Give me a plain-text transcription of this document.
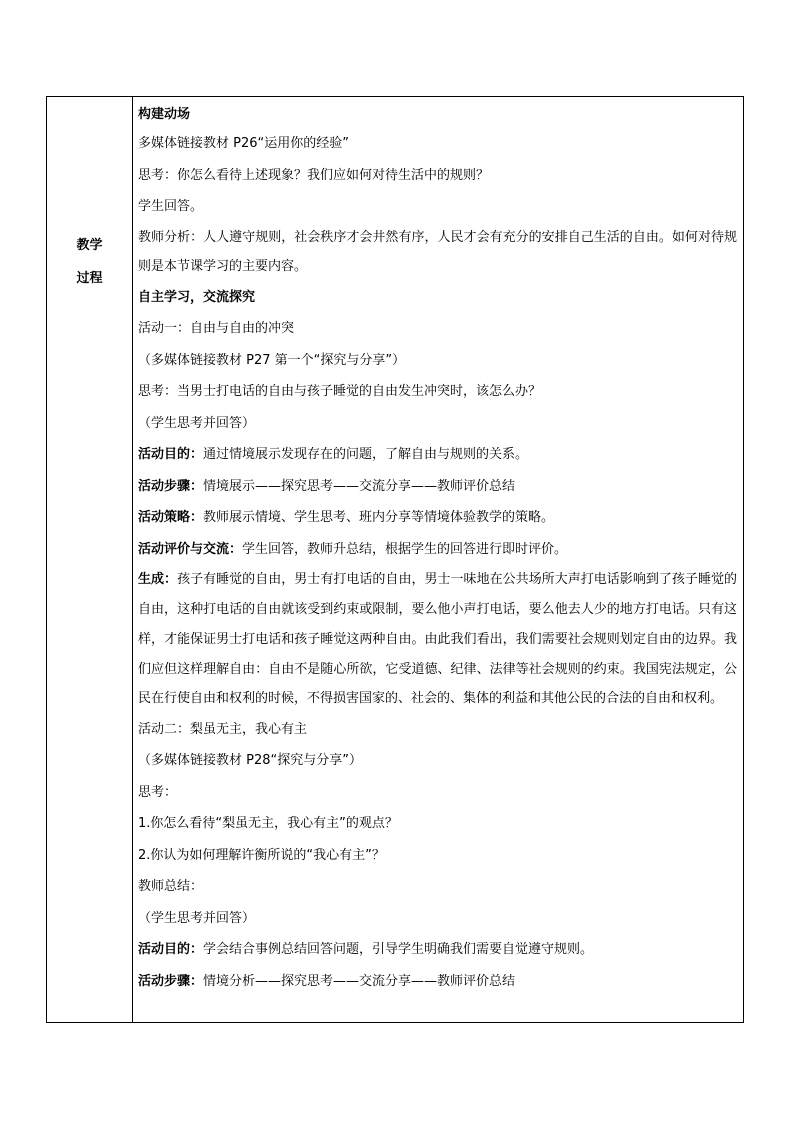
教学
过程
构建动场
多媒体链接教材 P26“运用你的经验”
思考：你怎么看待上述现象？我们应如何对待生活中的规则？
学生回答。

教师分析：人人遵守规则，社会秩序才会井然有序，人民才会有充分的安排自己生活的自由。如何对待规则是本节课学习的主要内容。

自主学习，交流探究
活动一：自由与自由的冲突
（多媒体链接教材 P27 第一个“探究与分享”）
思考：当男士打电话的自由与孩子睡觉的自由发生冲突时，该怎么办？
（学生思考并回答）
活动目的：通过情境展示发现存在的问题，了解自由与规则的关系。
活动步骤：情境展示——探究思考——交流分享——教师评价总结
活动策略：教师展示情境、学生思考、班内分享等情境体验教学的策略。
活动评价与交流：学生回答，教师升总结，根据学生的回答进行即时评价。

生成：孩子有睡觉的自由，男士有打电话的自由，男士一味地在公共场所大声打电话影响到了孩子睡觉的自由，这种打电话的自由就该受到约束或限制，要么他小声打电话，要么他去人少的地方打电话。只有这样，才能保证男士打电话和孩子睡觉这两种自由。由此我们看出，我们需要社会规则划定自由的边界。我们应但这样理解自由：自由不是随心所欲，它受道德、纪律、法律等社会规则的约束。我国宪法规定，公民在行使自由和权利的时候，不得损害国家的、社会的、集体的利益和其他公民的合法的自由和权利。

活动二：梨虽无主，我心有主
（多媒体链接教材 P28“探究与分享”）
思考：
1.你怎么看待“梨虽无主，我心有主”的观点？
2.你认为如何理解许衡所说的“我心有主”？
教师总结：
（学生思考并回答）
活动目的：学会结合事例总结回答问题，引导学生明确我们需要自觉遵守规则。
活动步骤：情境分析——探究思考——交流分享——教师评价总结
